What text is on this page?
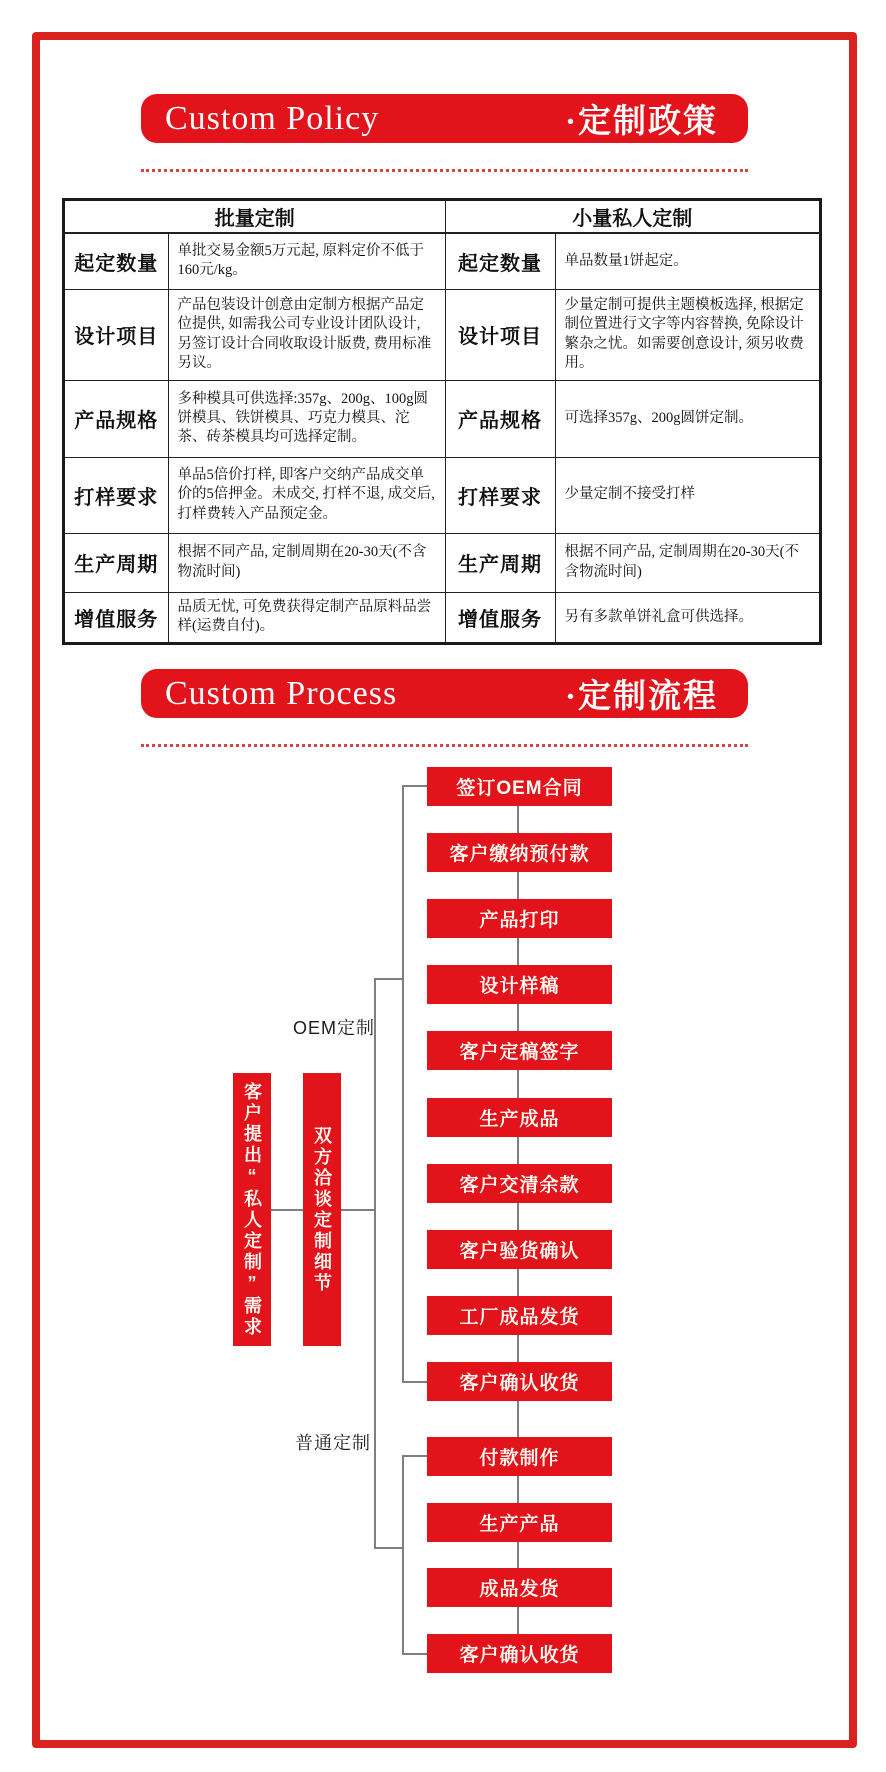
Custom Policy	·定制政策
批量定制		小量私人定制	
起定数量	单批交易金额5万元起, 原料定价不低于160元/kg。	起定数量	单品数量1饼起定。
设计项目	产品包装设计创意由定制方根据产品定位提供, 如需我公司专业设计团队设计, 另签订设计合同收取设计版费, 费用标准另议。	设计项目	少量定制可提供主题模板选择, 根据定制位置进行文字等内容替换, 免除设计繁杂之忧。如需要创意设计, 须另收费用。
产品规格	多种模具可供选择:357g、200g、100g圆饼模具、铁饼模具、巧克力模具、沱茶、砖茶模具均可选择定制。	产品规格	可选择357g、200g圆饼定制。
打样要求	单品5倍价打样, 即客户交纳产品成交单价的5倍押金。未成交, 打样不退, 成交后, 打样费转入产品预定金。	打样要求	少量定制不接受打样
生产周期	根据不同产品, 定制周期在20-30天(不含物流时间)	生产周期	根据不同产品, 定制周期在20-30天(不含物流时间)
增值服务	品质无忧, 可免费获得定制产品原料品尝样(运费自付)。	增值服务	另有多款单饼礼盒可供选择。
Custom Process	·定制流程
客户提出“私人定制”需求	双方洽谈定制细节
OEM定制
普通定制
签订OEM合同
客户缴纳预付款
产品打印
设计样稿
客户定稿签字
生产成品
客户交清余款
客户验货确认
工厂成品发货
客户确认收货
付款制作
生产产品
成品发货
客户确认收货
